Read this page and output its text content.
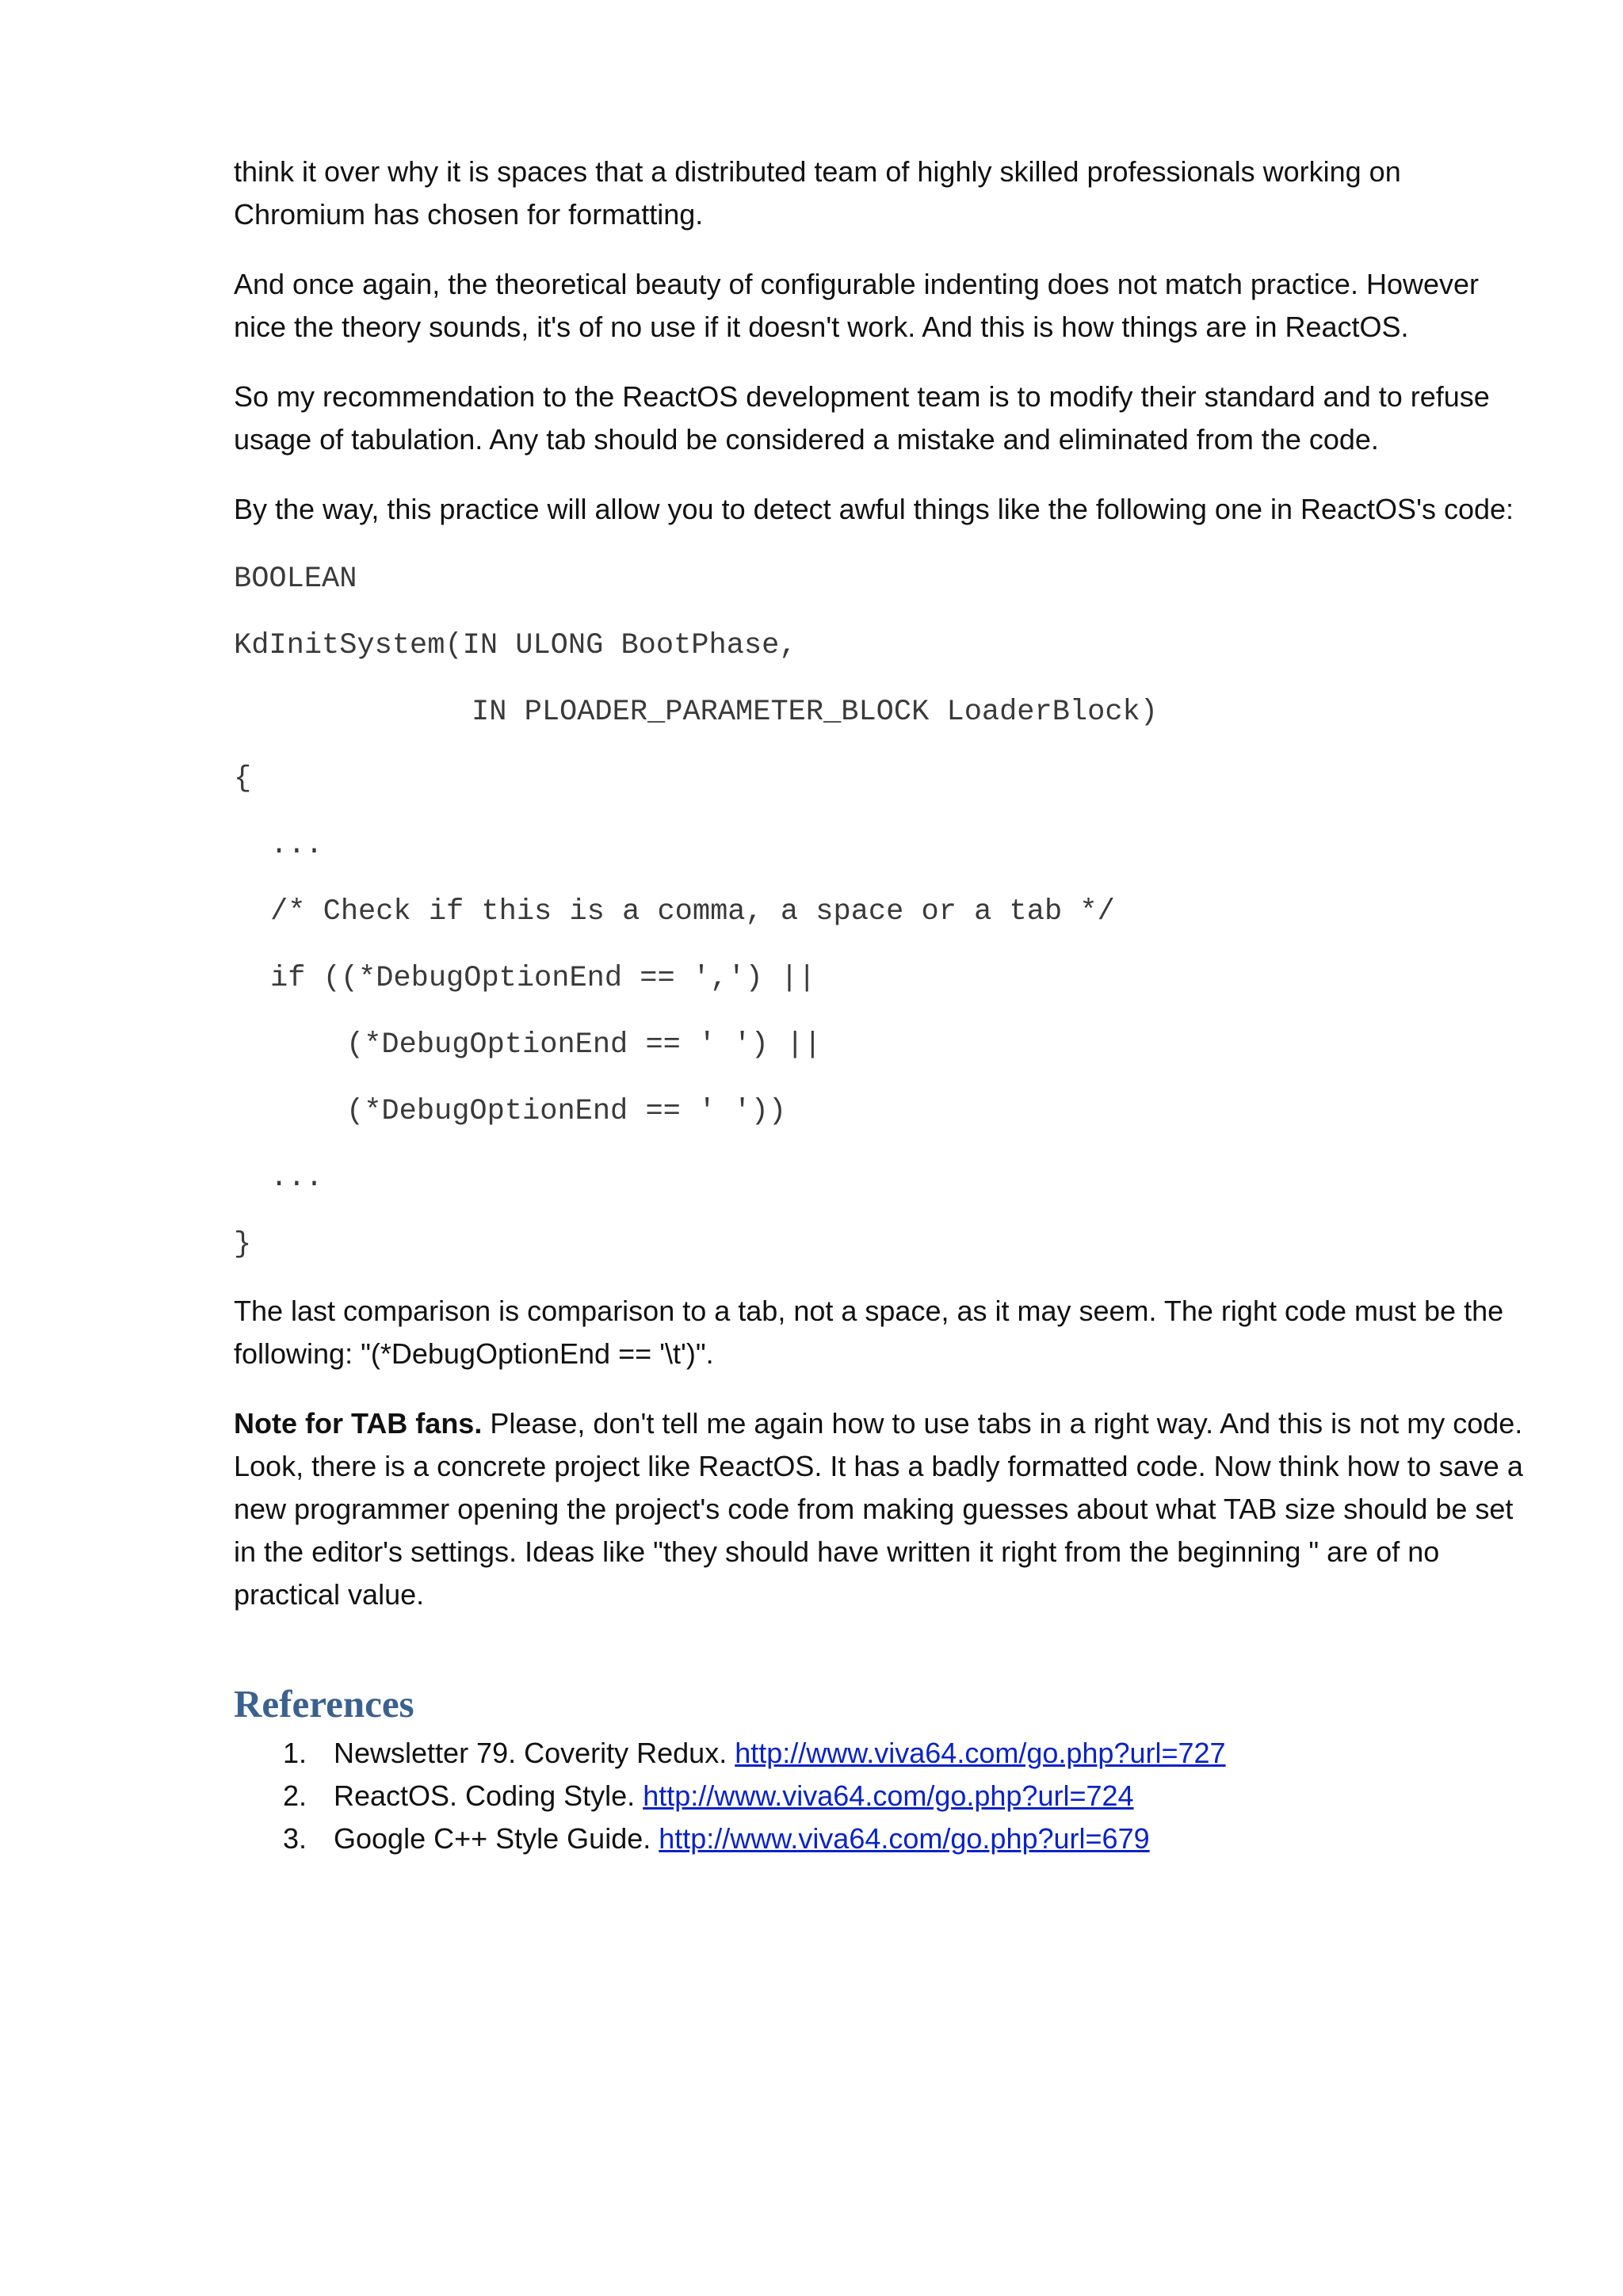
think it over why it is spaces that a distributed team of highly skilled professionals working on Chromium has chosen for formatting.

And once again, the theoretical beauty of configurable indenting does not match practice. However nice the theory sounds, it's of no use if it doesn't work. And this is how things are in ReactOS.

So my recommendation to the ReactOS development team is to modify their standard and to refuse usage of tabulation. Any tab should be considered a mistake and eliminated from the code.

By the way, this practice will allow you to detect awful things like the following one in ReactOS's code:

BOOLEAN
KdInitSystem(IN ULONG BootPhase,
IN PLOADER_PARAMETER_BLOCK LoaderBlock)
{
...
/* Check if this is a comma, a space or a tab */
if ((*DebugOptionEnd == ',') ||
(*DebugOptionEnd == ' ') ||
(*DebugOptionEnd == ' '))
...
}

The last comparison is comparison to a tab, not a space, as it may seem. The right code must be the following: "(*DebugOptionEnd == '\t')".

Note for TAB fans. Please, don't tell me again how to use tabs in a right way. And this is not my code. Look, there is a concrete project like ReactOS. It has a badly formatted code. Now think how to save a new programmer opening the project's code from making guesses about what TAB size should be set in the editor's settings. Ideas like "they should have written it right from the beginning " are of no practical value.

References
1. Newsletter 79. Coverity Redux. http://www.viva64.com/go.php?url=727
2. ReactOS. Coding Style. http://www.viva64.com/go.php?url=724
3. Google C++ Style Guide. http://www.viva64.com/go.php?url=679
